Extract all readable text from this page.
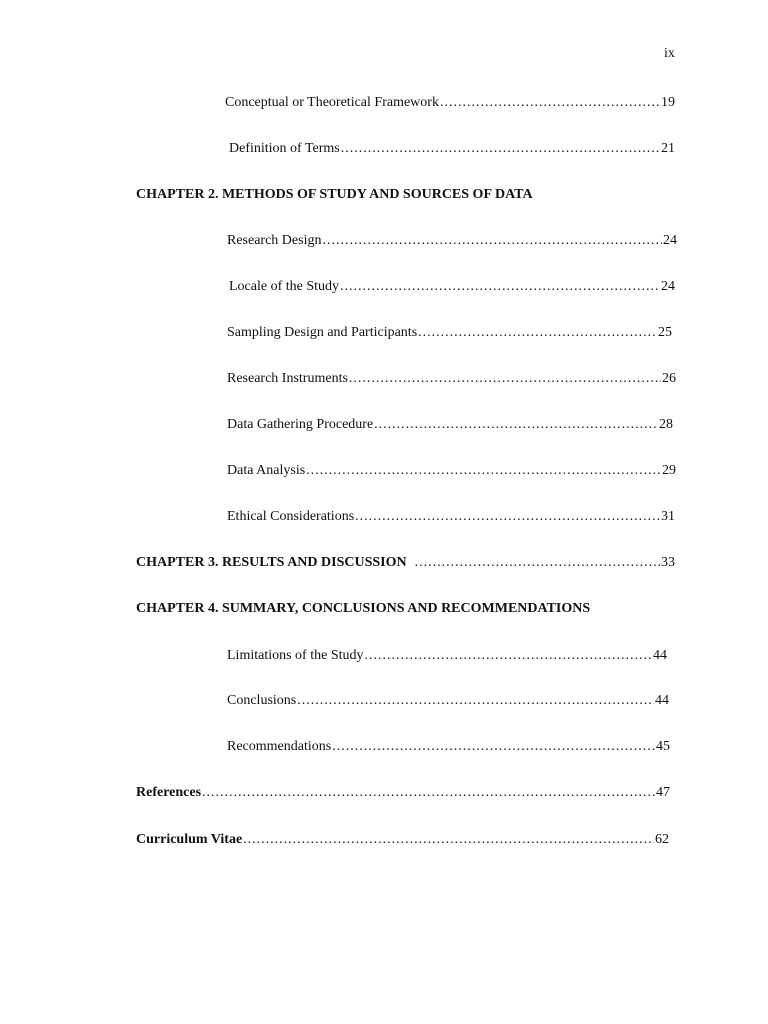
ix
Conceptual or Theoretical Framework .....	19
Definition of Terms .....	21
CHAPTER 2. METHODS OF STUDY AND SOURCES OF DATA
Research Design .....	24
Locale of the Study .....	24
Sampling Design and Participants .....	25
Research Instruments .....	26
Data Gathering Procedure .....	28
Data Analysis .....	29
Ethical Considerations .....	31
CHAPTER 3. RESULTS AND DISCUSSION .....	33
CHAPTER 4. SUMMARY, CONCLUSIONS AND RECOMMENDATIONS
Limitations of the Study .....	44
Conclusions .....	44
Recommendations .....	45
References .....	47
Curriculum Vitae .....	62
